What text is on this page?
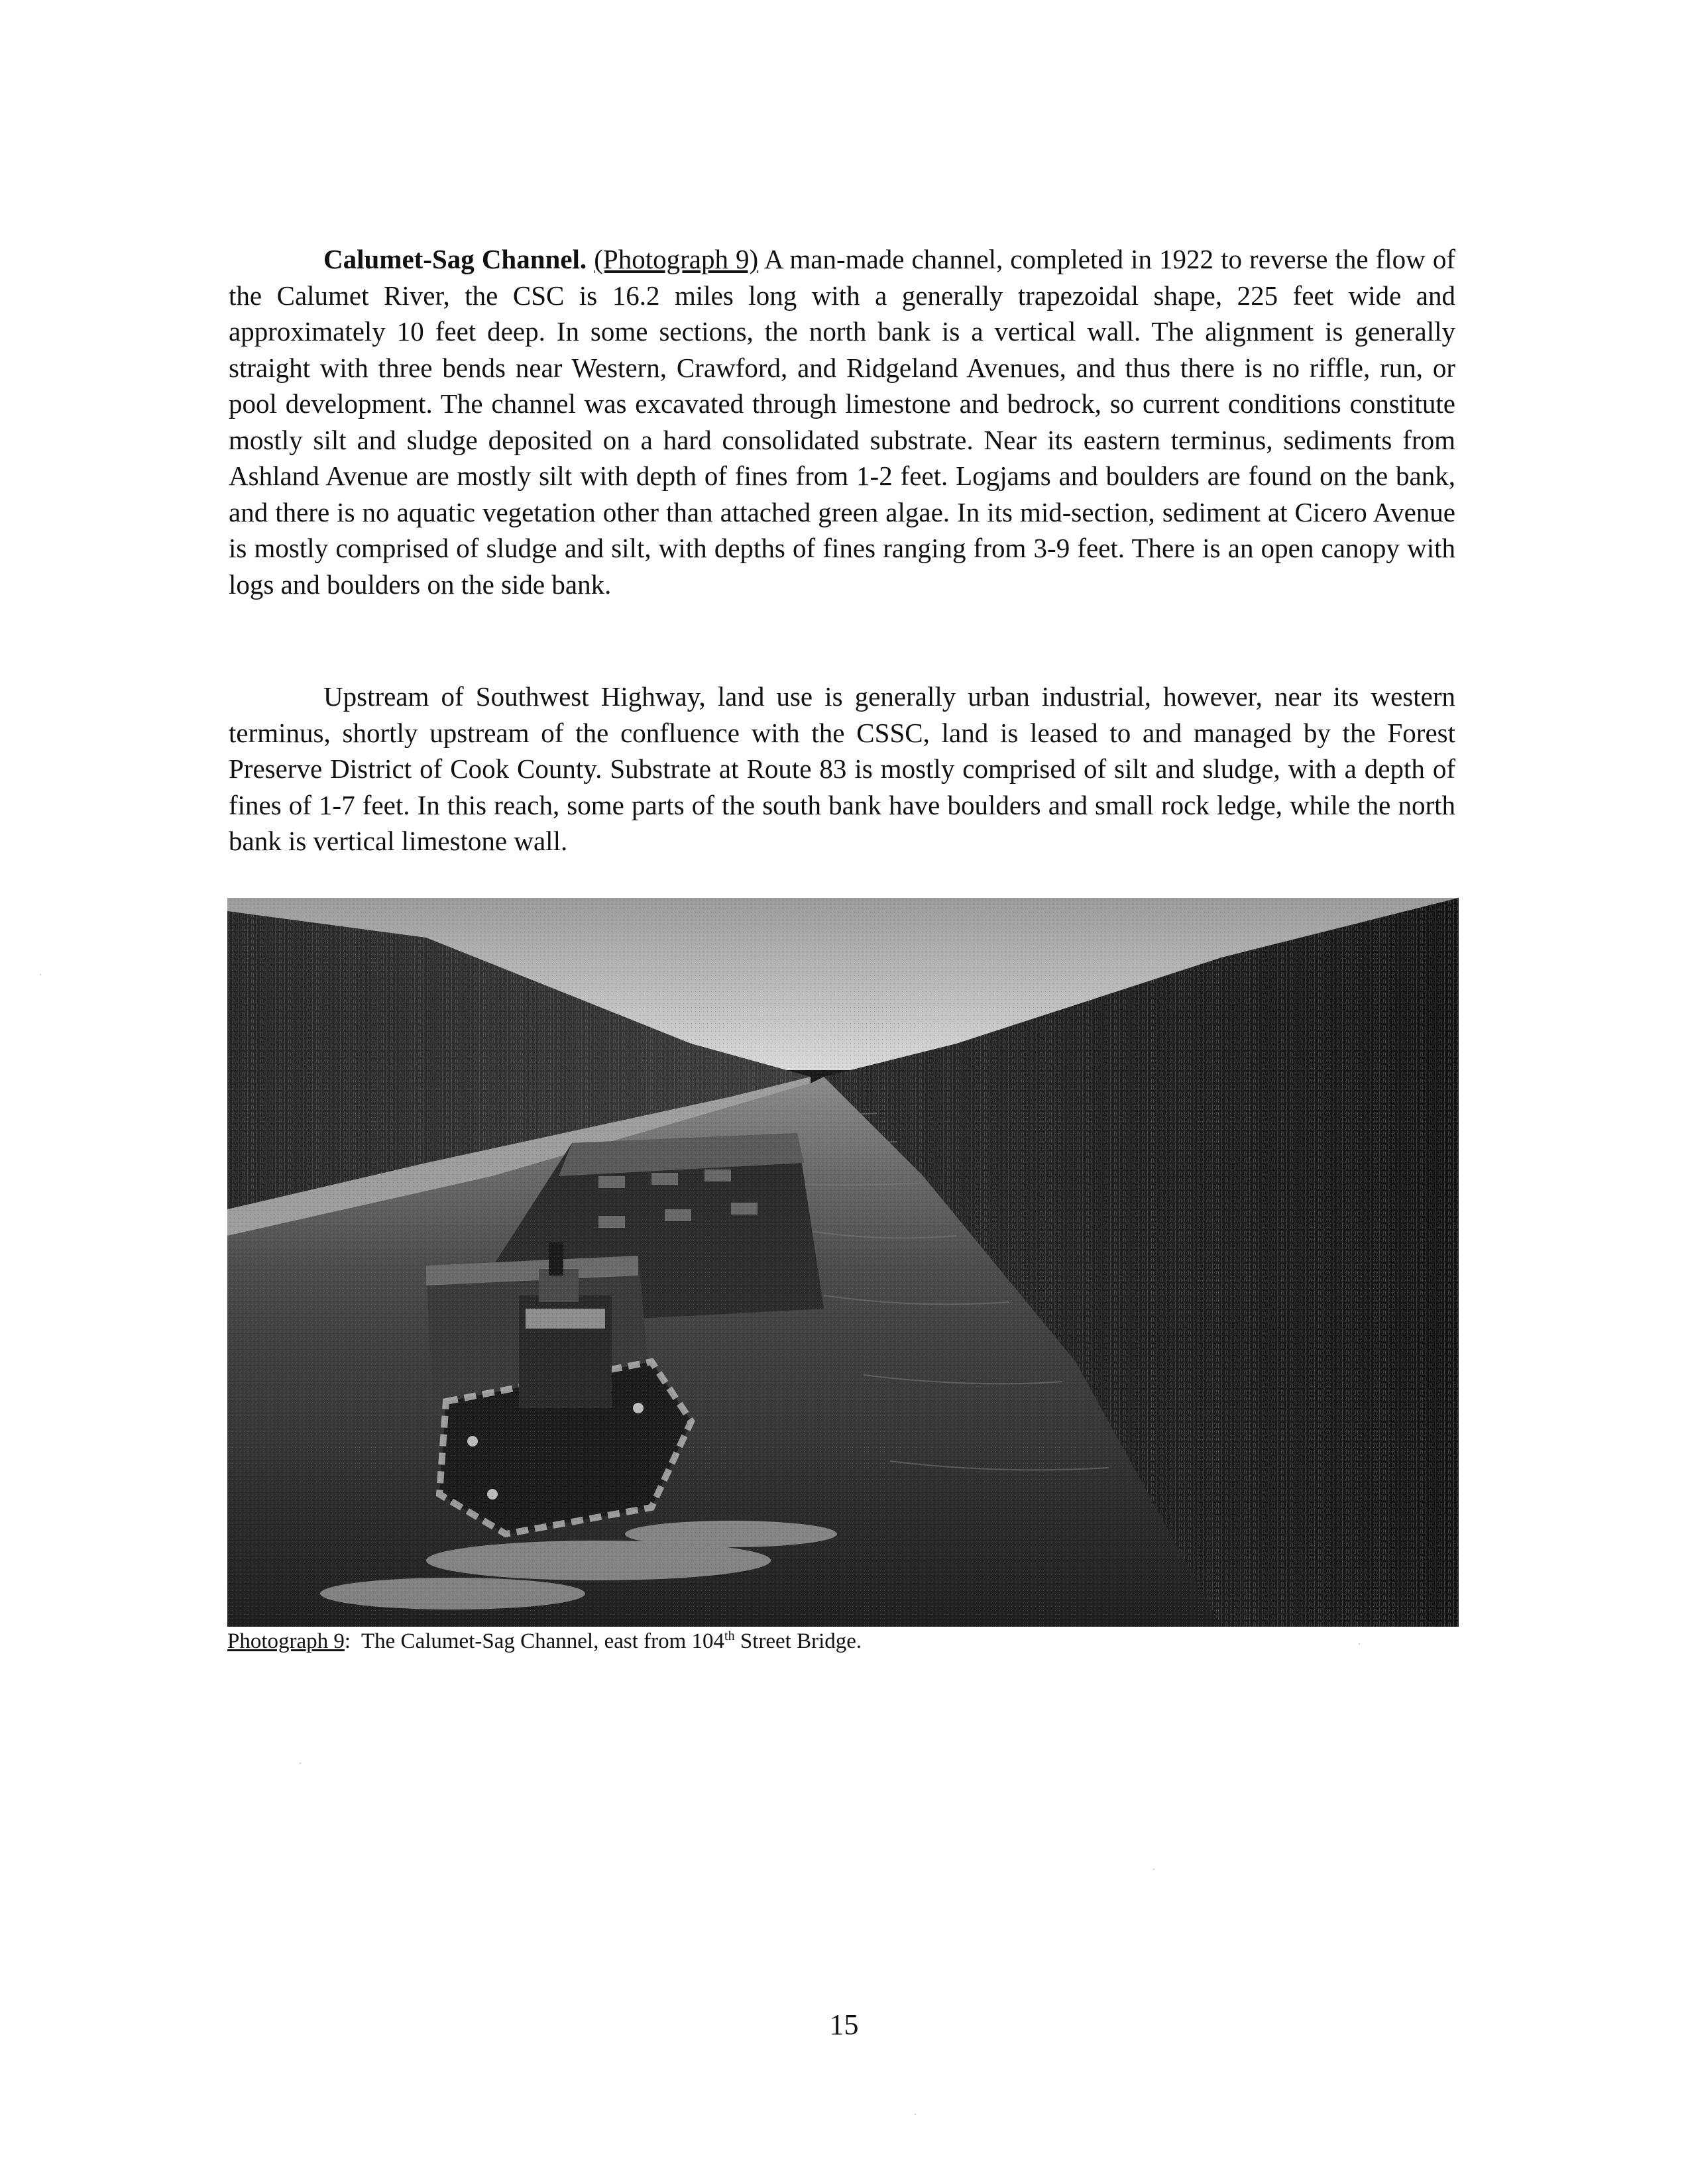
Calumet-Sag Channel. (Photograph 9) A man-made channel, completed in 1922 to reverse the flow of the Calumet River, the CSC is 16.2 miles long with a generally trapezoidal shape, 225 feet wide and approximately 10 feet deep. In some sections, the north bank is a vertical wall. The alignment is generally straight with three bends near Western, Crawford, and Ridgeland Avenues, and thus there is no riffle, run, or pool development. The channel was excavated through limestone and bedrock, so current conditions constitute mostly silt and sludge deposited on a hard consolidated substrate. Near its eastern terminus, sediments from Ashland Avenue are mostly silt with depth of fines from 1-2 feet. Logjams and boulders are found on the bank, and there is no aquatic vegetation other than attached green algae. In its mid-section, sediment at Cicero Avenue is mostly comprised of sludge and silt, with depths of fines ranging from 3-9 feet. There is an open canopy with logs and boulders on the side bank.

Upstream of Southwest Highway, land use is generally urban industrial, however, near its western terminus, shortly upstream of the confluence with the CSSC, land is leased to and managed by the Forest Preserve District of Cook County. Substrate at Route 83 is mostly comprised of silt and sludge, with a depth of fines of 1-7 feet. In this reach, some parts of the south bank have boulders and small rock ledge, while the north bank is vertical limestone wall.

Photograph 9:  The Calumet-Sag Channel, east from 104th Street Bridge.
15
